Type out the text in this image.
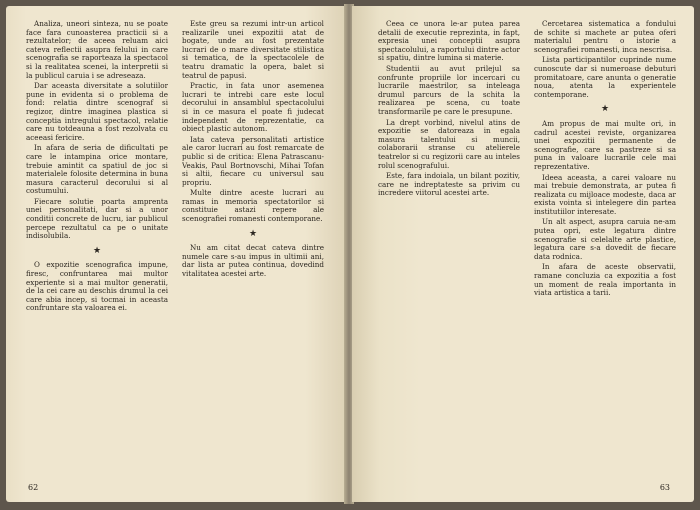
Analiza, uneori sinteza, nu se poate face fara cunoasterea practicii si a rezultatelor; de aceea reluam aici cateva reflectii asupra felului in care scenografia se raporteaza la spectacol si la realitatea scenei, la interpretii si la publicul caruia i se adreseaza.

Dar aceasta diversitate a solutiilor pune in evidenta si o problema de fond: relatia dintre scenograf si regizor, dintre imaginea plastica si conceptia intregului spectacol, relatie care nu totdeauna a fost rezolvata cu aceeasi fericire.

In afara de seria de dificultati pe care le intampina orice montare, trebuie amintit ca spatiul de joc si materialele folosite determina in buna masura caracterul decorului si al costumului.

Fiecare solutie poarta amprenta unei personalitati, dar si a unor conditii concrete de lucru, iar publicul percepe rezultatul ca pe o unitate indisolubila.

★

O expozitie scenografica impune, firesc, confruntarea mai multor experiente si a mai multor generatii, de la cei care au deschis drumul la cei care abia incep, si tocmai in aceasta confruntare sta valoarea ei.

Este greu sa rezumi intr-un articol realizarile unei expozitii atat de bogate, unde au fost prezentate lucrari de o mare diversitate stilistica si tematica, de la spectacolele de teatru dramatic la opera, balet si teatrul de papusi.

Practic, in fata unor asemenea lucrari te intrebi care este locul decorului in ansamblul spectacolului si in ce masura el poate fi judecat independent de reprezentatie, ca obiect plastic autonom.

Iata cateva personalitati artistice ale caror lucrari au fost remarcate de public si de critica: Elena Patrascanu-Veakis, Paul Bortnovschi, Mihai Tofan si altii, fiecare cu universul sau propriu.

Multe dintre aceste lucrari au ramas in memoria spectatorilor si constituie astazi repere ale scenografiei romanesti contemporane.

★

Nu am citat decat cateva dintre numele care s-au impus in ultimii ani, dar lista ar putea continua, dovedind vitalitatea acestei arte.

62

Ceea ce unora le-ar putea parea detalii de executie reprezinta, in fapt, expresia unei conceptii asupra spectacolului, a raportului dintre actor si spatiu, dintre lumina si materie.

Studentii au avut prilejul sa confrunte propriile lor incercari cu lucrarile maestrilor, sa inteleaga drumul parcurs de la schita la realizarea pe scena, cu toate transformarile pe care le presupune.

La drept vorbind, nivelul atins de expozitie se datoreaza in egala masura talentului si muncii, colaborarii stranse cu atelierele teatrelor si cu regizorii care au inteles rolul scenografului.

Este, fara indoiala, un bilant pozitiv, care ne indreptateste sa privim cu incredere viitorul acestei arte.

Cercetarea sistematica a fondului de schite si machete ar putea oferi materialul pentru o istorie a scenografiei romanesti, inca nescrisa.

Lista participantilor cuprinde nume cunoscute dar si numeroase debuturi promitatoare, care anunta o generatie noua, atenta la experientele contemporane.

★

Am propus de mai multe ori, in cadrul acestei reviste, organizarea unei expozitii permanente de scenografie, care sa pastreze si sa puna in valoare lucrarile cele mai reprezentative.

Ideea aceasta, a carei valoare nu mai trebuie demonstrata, ar putea fi realizata cu mijloace modeste, daca ar exista vointa si intelegere din partea institutiilor interesate.

Un alt aspect, asupra caruia ne-am putea opri, este legatura dintre scenografie si celelalte arte plastice, legatura care s-a dovedit de fiecare data rodnica.

In afara de aceste observatii, ramane concluzia ca expozitia a fost un moment de reala importanta in viata artistica a tarii.

63
